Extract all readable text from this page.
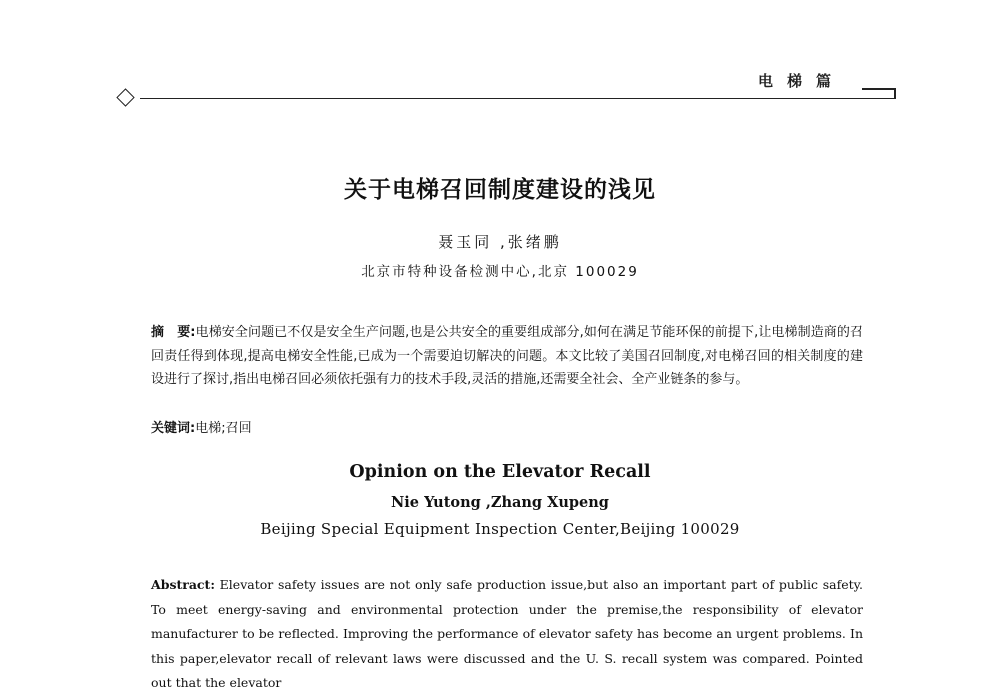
电梯篇
关于电梯召回制度建设的浅见
聂玉同 ,张绪鹏
北京市特种设备检测中心,北京 100029
摘　要:电梯安全问题已不仅是安全生产问题,也是公共安全的重要组成部分,如何在满足节能环保的前提下,让电梯制造商的召回责任得到体现,提高电梯安全性能,已成为一个需要迫切解决的问题。本文比较了美国召回制度,对电梯召回的相关制度的建设进行了探讨,指出电梯召回必须依托强有力的技术手段,灵活的措施,还需要全社会、全产业链条的参与。
关键词:电梯;召回
Opinion on the Elevator Recall
Nie Yutong ,Zhang Xupeng
Beijing Special Equipment Inspection Center,Beijing 100029
Abstract: Elevator safety issues are not only safe production issue,but also an important part of public safety. To meet energy-saving and environmental protection under the premise,the responsibility of elevator manufacturer to be reflected. Improving the performance of elevator safety has become an urgent problems. In this paper,elevator recall of relevant laws were discussed and the U. S. recall system was compared. Pointed out that the elevator
